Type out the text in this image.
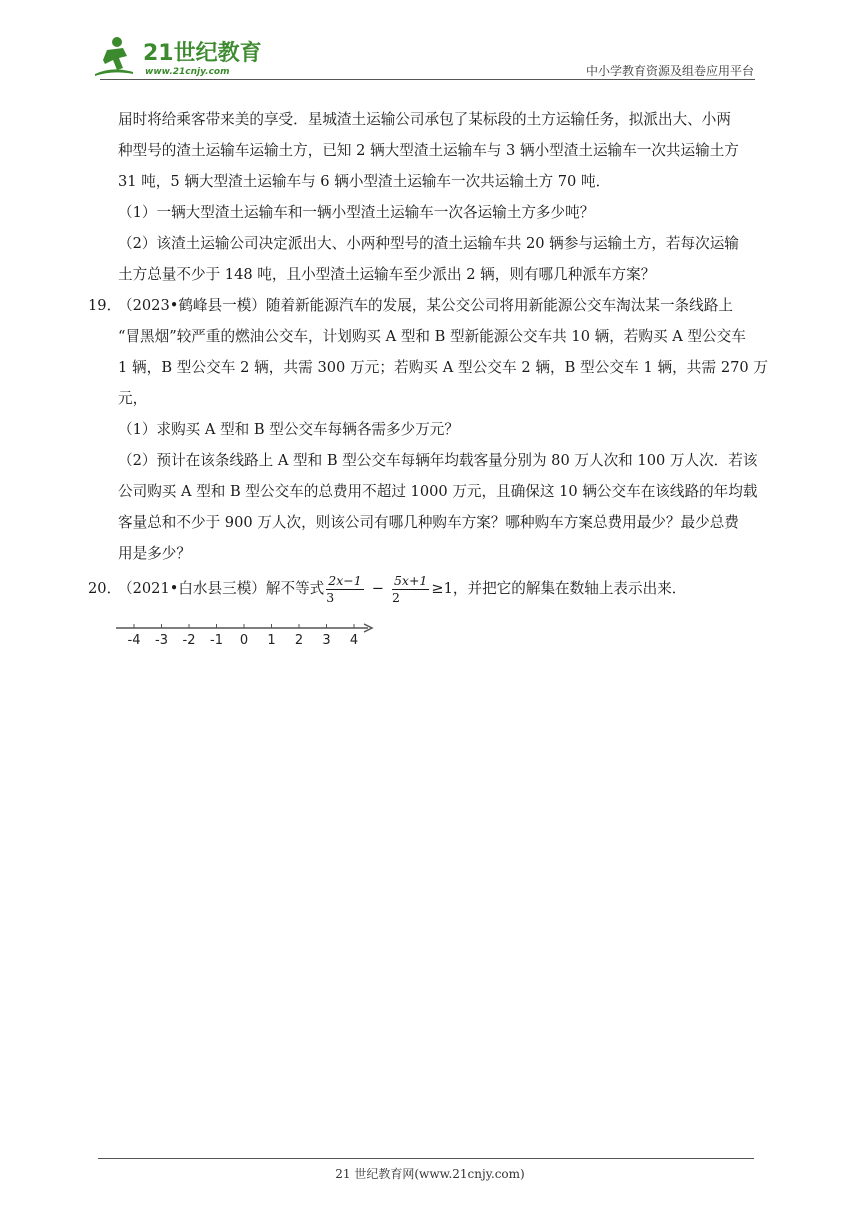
21世纪教育
www.21cnjy.com	中小学教育资源及组卷应用平台

届时将给乘客带来美的享受．星城渣土运输公司承包了某标段的土方运输任务，拟派出大、小两

种型号的渣土运输车运输土方，已知 2 辆大型渣土运输车与 3 辆小型渣土运输车一次共运输土方

31 吨，5 辆大型渣土运输车与 6 辆小型渣土运输车一次共运输土方 70 吨．

（1）一辆大型渣土运输车和一辆小型渣土运输车一次各运输土方多少吨？

（2）该渣土运输公司决定派出大、小两种型号的渣土运输车共 20 辆参与运输土方，若每次运输

土方总量不少于 148 吨，且小型渣土运输车至少派出 2 辆，则有哪几种派车方案？

19．
（2023•鹤峰县一模）随着新能源汽车的发展，某公交公司将用新能源公交车淘汰某一条线路上

“冒黑烟”较严重的燃油公交车，计划购买 A 型和 B 型新能源公交车共 10 辆，若购买 A 型公交车

1 辆，B 型公交车 2 辆，共需 300 万元；若购买 A 型公交车 2 辆，B 型公交车 1 辆，共需 270 万元，

（1）求购买 A 型和 B 型公交车每辆各需多少万元？

（2）预计在该条线路上 A 型和 B 型公交车每辆年均载客量分别为 80 万人次和 100 万人次．若该

公司购买 A 型和 B 型公交车的总费用不超过 1000 万元，且确保这 10 辆公交车在该线路的年均载

客量总和不少于 900 万人次，则该公司有哪几种购车方案？哪种购车方案总费用最少？最少总费

用是多少？

20．
（2021•白水县三模）解不等式 $\frac{2x-1}{3} - \frac{5x+1}{2} \ge 1$，并把它的解集在数轴上表示出来．

-4 -3 -2 -1 0 1 2 3 4
21 世纪教育网(www.21cnjy.com)
